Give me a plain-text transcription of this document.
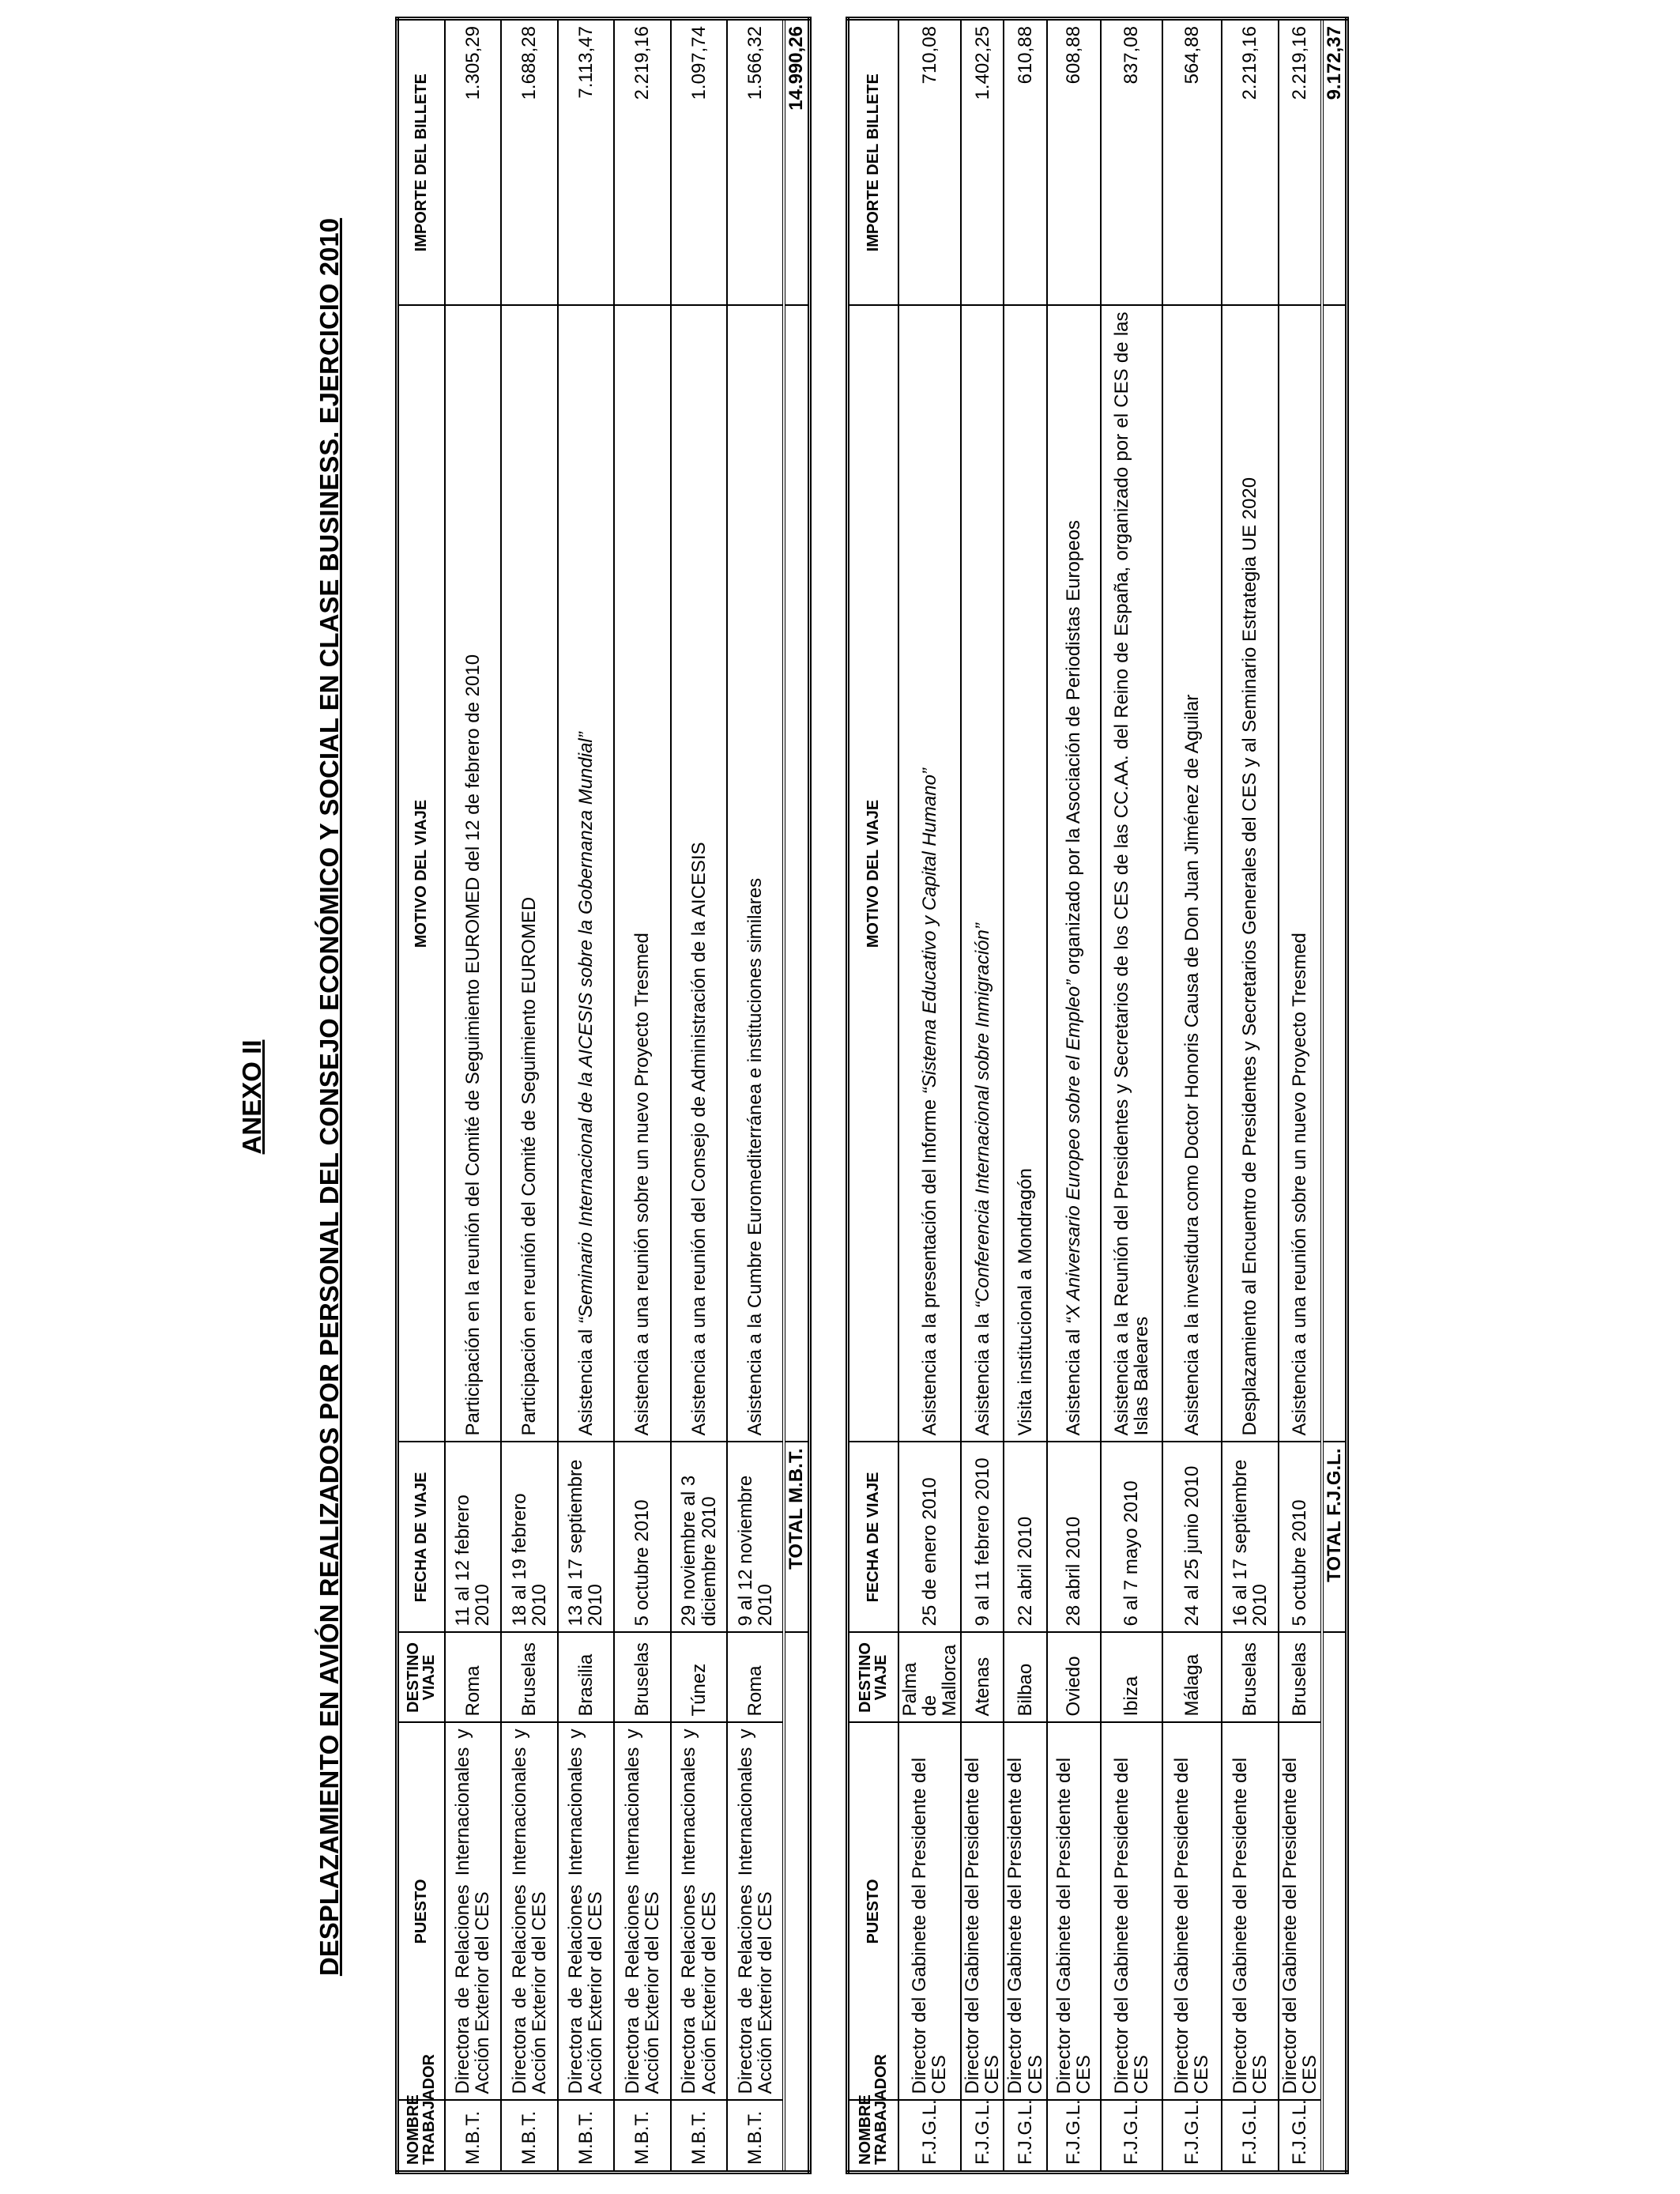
ANEXO II DESPLAZAMIENTO EN AVIÓN REALIZADOS POR PERSONAL DEL CONSEJO ECONÓMICO Y SOCIAL EN CLASE BUSINESS. EJERCICIO 2010
NOMBRE TRABAJADOR	PUESTO	DESTINO VIAJE	FECHA DE VIAJE	MOTIVO DEL VIAJE	IMPORTE DEL BILLETE
M.B.T.	Directora de Relaciones Internacionales y Acción Exterior del CES	Roma	11 al 12 febrero 2010	Participación en la reunión del Comité de Seguimiento EUROMED del 12 de febrero de 2010	1.305,29
M.B.T.	Directora de Relaciones Internacionales y Acción Exterior del CES	Bruselas	18 al 19 febrero 2010	Participación en reunión del Comité de Seguimiento EUROMED	1.688,28
M.B.T.	Directora de Relaciones Internacionales y Acción Exterior del CES	Brasilia	13 al 17 septiembre 2010	Asistencia al “Seminario Internacional de la AICESIS sobre la Gobernanza Mundial”	7.113,47
M.B.T.	Directora de Relaciones Internacionales y Acción Exterior del CES	Bruselas	5 octubre 2010	Asistencia a una reunión sobre un nuevo Proyecto Tresmed	2.219,16
M.B.T.	Directora de Relaciones Internacionales y Acción Exterior del CES	Túnez	29 noviembre al 3 diciembre 2010	Asistencia a una reunión del Consejo de Administración de la AICESIS	1.097,74
M.B.T.	Directora de Relaciones Internacionales y Acción Exterior del CES	Roma	9 al 12 noviembre 2010	Asistencia a la Cumbre Euromediterránea e instituciones similares	1.566,32
			TOTAL M.B.T.		14.990,26
NOMBRE TRABAJADOR	PUESTO	DESTINO VIAJE	FECHA DE VIAJE	MOTIVO DEL VIAJE	IMPORTE DEL BILLETE
F.J.G.L.	Director del Gabinete del Presidente del CES	Palma de Mallorca	25 de enero 2010	Asistencia a la presentación del Informe “Sistema Educativo y Capital Humano”	710,08
F.J.G.L.	Director del Gabinete del Presidente del CES	Atenas	9 al 11 febrero 2010	Asistencia a la “Conferencia Internacional sobre Inmigración”	1.402,25
F.J.G.L.	Director del Gabinete del Presidente del CES	Bilbao	22 abril 2010	Visita institucional a Mondragón	610,88
F.J.G.L.	Director del Gabinete del Presidente del CES	Oviedo	28 abril 2010	Asistencia al “X Aniversario Europeo sobre el Empleo” organizado por la Asociación de Periodistas Europeos	608,88
F.J.G.L.	Director del Gabinete del Presidente del CES	Ibiza	6 al 7 mayo 2010	Asistencia a la Reunión del Presidentes y Secretarios de los CES de las CC.AA. del Reino de España, organizado por el CES de las Islas Baleares	837,08
F.J.G.L.	Director del Gabinete del Presidente del CES	Málaga	24 al 25 junio 2010	Asistencia a la investidura como Doctor Honoris Causa de Don Juan Jiménez de Aguilar	564,88
F.J.G.L.	Director del Gabinete del Presidente del CES	Bruselas	16 al 17 septiembre 2010	Desplazamiento al Encuentro de Presidentes y Secretarios Generales del CES y al Seminario Estrategia UE 2020	2.219,16
F.J.G.L.	Director del Gabinete del Presidente del CES	Bruselas	5 octubre 2010	Asistencia a una reunión sobre un nuevo Proyecto Tresmed	2.219,16
			TOTAL F.J.G.L.		9.172,37
